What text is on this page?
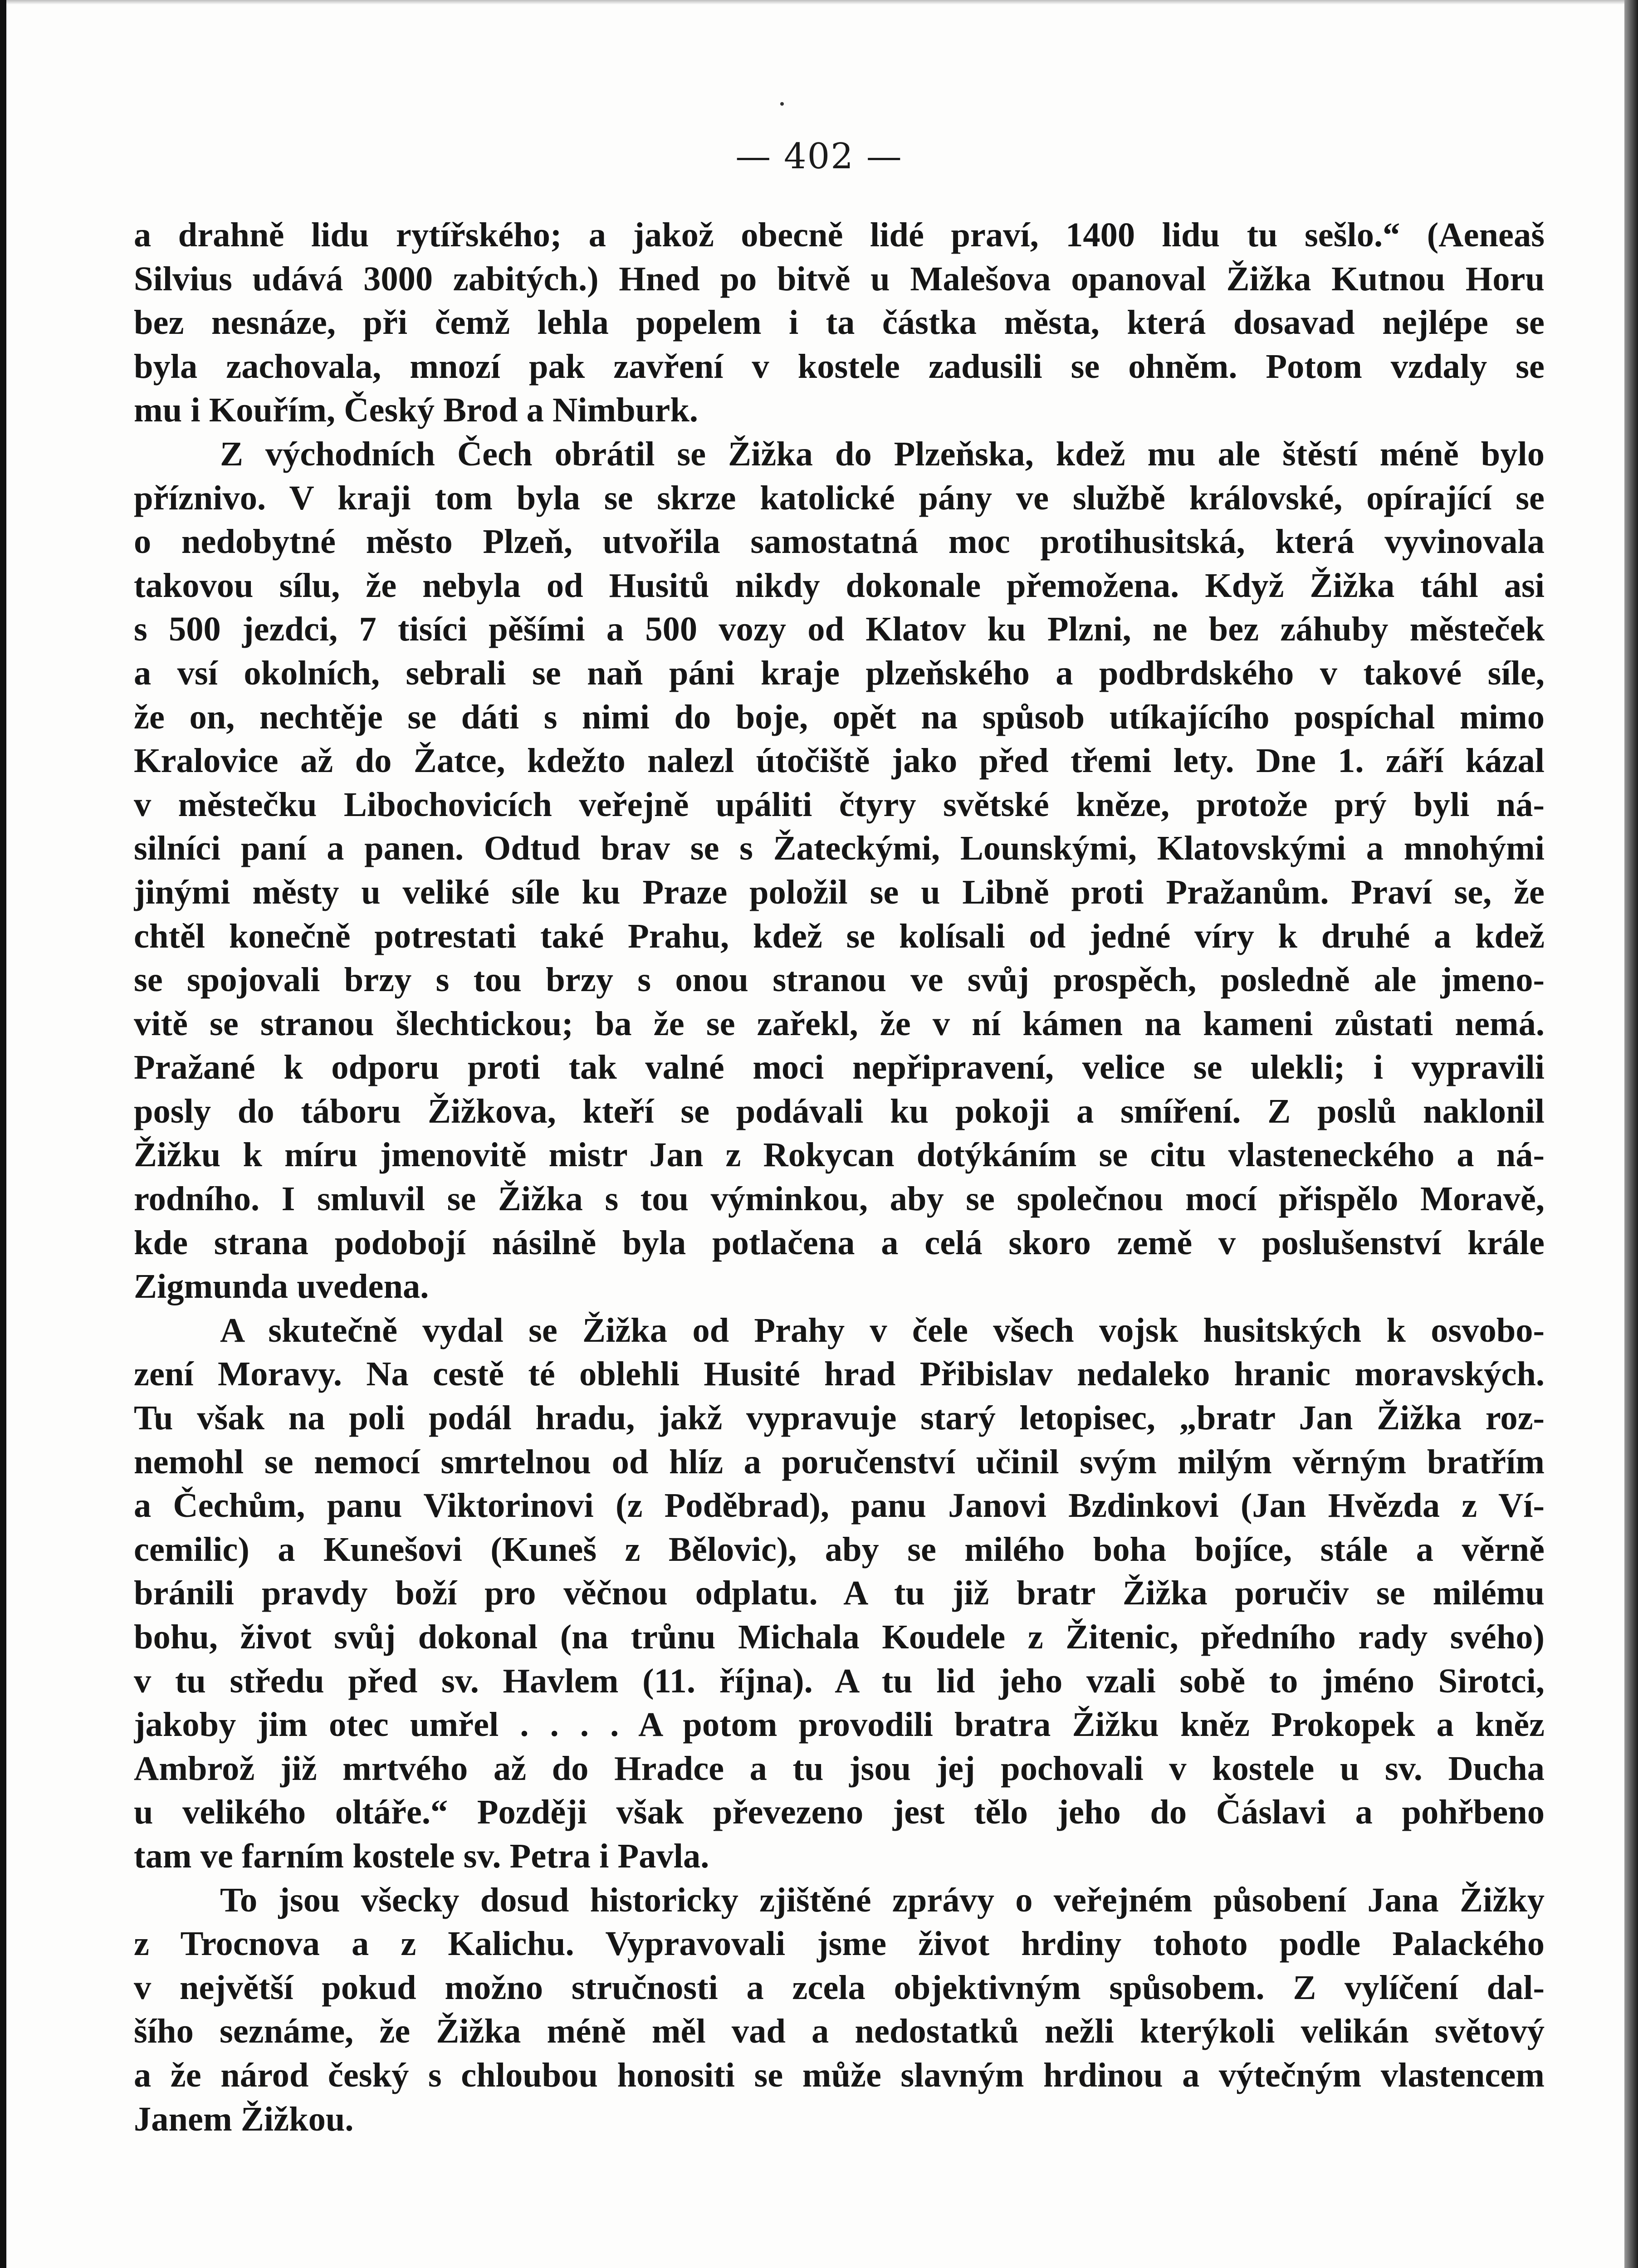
— 402 —
a drahně lidu rytířského; a jakož obecně lidé praví, 1400 lidu tu sešlo.“ (Aeneaš
Silvius udává 3000 zabitých.) Hned po bitvě u Malešova opanoval Žižka Kutnou Horu
bez nesnáze, při čemž lehla popelem i ta částka města, která dosavad nejlépe se
byla zachovala, mnozí pak zavření v kostele zadusili se ohněm. Potom vzdaly se
mu i Kouřím, Český Brod a Nimburk.
Z východních Čech obrátil se Žižka do Plzeňska, kdež mu ale štěstí méně bylo
příznivo. V kraji tom byla se skrze katolické pány ve službě královské, opírající se
o nedobytné město Plzeň, utvořila samostatná moc protihusitská, která vyvinovala
takovou sílu, že nebyla od Husitů nikdy dokonale přemožena. Když Žižka táhl asi
s 500 jezdci, 7 tisíci pěšími a 500 vozy od Klatov ku Plzni, ne bez záhuby městeček
a vsí okolních, sebrali se naň páni kraje plzeňského a podbrdského v takové síle,
že on, nechtěje se dáti s nimi do boje, opět na spůsob utíkajícího pospíchal mimo
Kralovice až do Žatce, kdežto nalezl útočiště jako před třemi lety. Dne 1. září kázal
v městečku Libochovicích veřejně upáliti čtyry světské kněze, protože prý byli ná-
silníci paní a panen. Odtud brav se s Žateckými, Lounskými, Klatovskými a mnohými
jinými městy u veliké síle ku Praze položil se u Libně proti Pražanům. Praví se, že
chtěl konečně potrestati také Prahu, kdež se kolísali od jedné víry k druhé a kdež
se spojovali brzy s tou brzy s onou stranou ve svůj prospěch, posledně ale jmeno-
vitě se stranou šlechtickou; ba že se zařekl, že v ní kámen na kameni zůstati nemá.
Pražané k odporu proti tak valné moci nepřipravení, velice se ulekli; i vypravili
posly do táboru Žižkova, kteří se podávali ku pokoji a smíření. Z poslů naklonil
Žižku k míru jmenovitě mistr Jan z Rokycan dotýkáním se citu vlasteneckého a ná-
rodního. I smluvil se Žižka s tou výminkou, aby se společnou mocí přispělo Moravě,
kde strana podobojí násilně byla potlačena a celá skoro země v poslušenství krále
Zigmunda uvedena.
A skutečně vydal se Žižka od Prahy v čele všech vojsk husitských k osvobo-
zení Moravy. Na cestě té oblehli Husité hrad Přibislav nedaleko hranic moravských.
Tu však na poli podál hradu, jakž vypravuje starý letopisec, „bratr Jan Žižka roz-
nemohl se nemocí smrtelnou od hlíz a poručenství učinil svým milým věrným bratřím
a Čechům, panu Viktorinovi (z Poděbrad), panu Janovi Bzdinkovi (Jan Hvězda z Ví-
cemilic) a Kunešovi (Kuneš z Bělovic), aby se milého boha bojíce, stále a věrně
bránili pravdy boží pro věčnou odplatu. A tu již bratr Žižka poručiv se milému
bohu, život svůj dokonal (na trůnu Michala Koudele z Žitenic, předního rady svého)
v tu středu před sv. Havlem (11. října). A tu lid jeho vzali sobě to jméno Sirotci,
jakoby jim otec umřel . . . . A potom provodili bratra Žižku kněz Prokopek a kněz
Ambrož již mrtvého až do Hradce a tu jsou jej pochovali v kostele u sv. Ducha
u velikého oltáře.“ Později však převezeno jest tělo jeho do Čáslavi a pohřbeno
tam ve farním kostele sv. Petra i Pavla.
To jsou všecky dosud historicky zjištěné zprávy o veřejném působení Jana Žižky
z Trocnova a z Kalichu. Vypravovali jsme život hrdiny tohoto podle Palackého
v největší pokud možno stručnosti a zcela objektivným spůsobem. Z vylíčení dal-
šího seznáme, že Žižka méně měl vad a nedostatků nežli kterýkoli velikán světový
a že národ český s chloubou honositi se může slavným hrdinou a výtečným vlastencem
Janem Žižkou.
